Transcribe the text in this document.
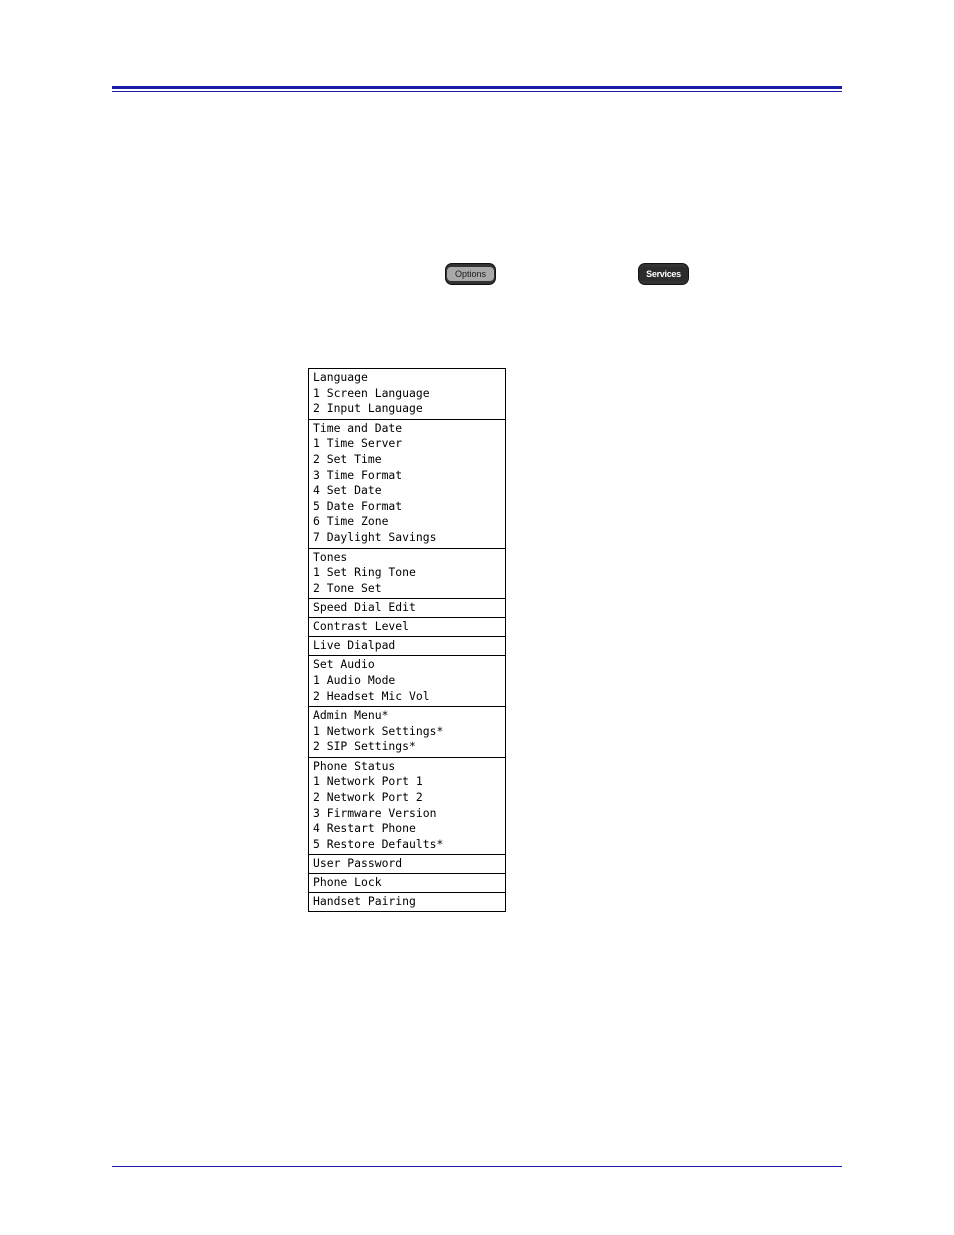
Options	Services
Language
1 Screen Language
2 Input Language
Time and Date
1 Time Server
2 Set Time
3 Time Format
4 Set Date
5 Date Format
6 Time Zone
7 Daylight Savings
Tones
1 Set Ring Tone
2 Tone Set
Speed Dial Edit
Contrast Level
Live Dialpad
Set Audio
1 Audio Mode
2 Headset Mic Vol
Admin Menu*
1 Network Settings*
2 SIP Settings*
Phone Status
1 Network Port 1
2 Network Port 2
3 Firmware Version
4 Restart Phone
5 Restore Defaults*
User Password
Phone Lock
Handset Pairing
